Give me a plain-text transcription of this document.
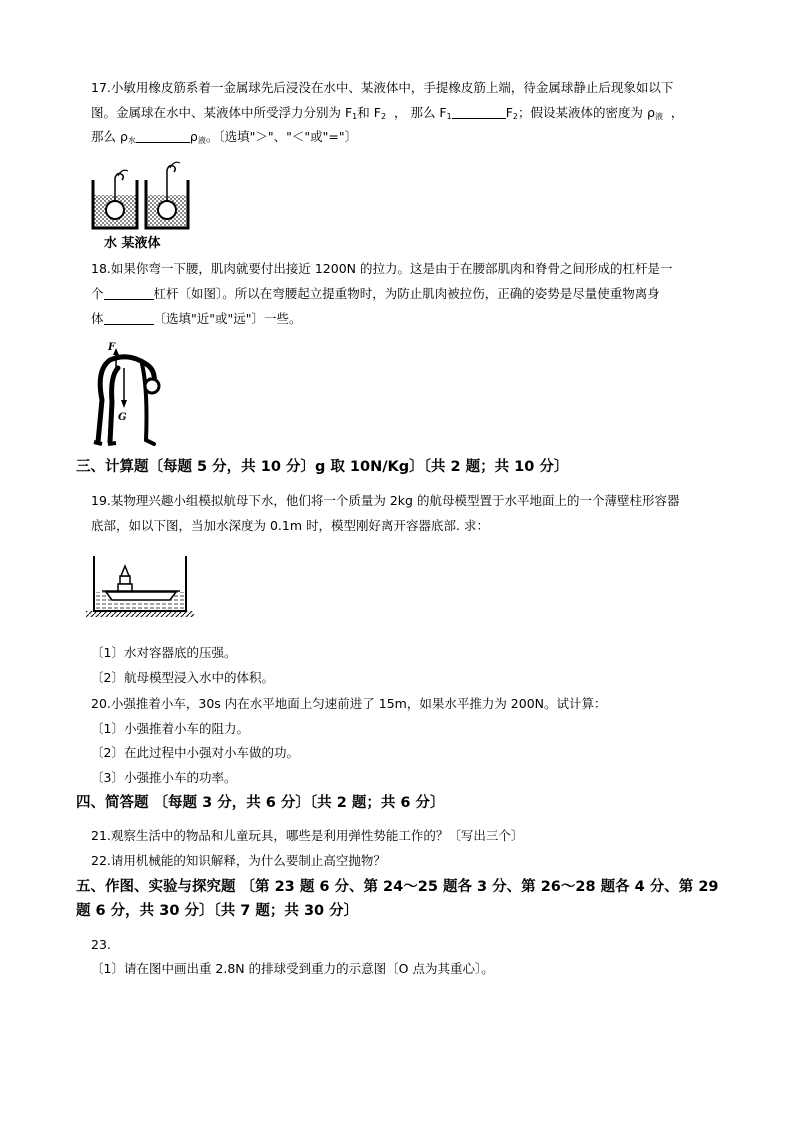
17.小敏用橡皮筋系着一金属球先后浸没在水中、某液体中，手提橡皮筋上端，待金属球静止后现象如以下
图。金属球在水中、某液体中所受浮力分别为 $F_1$和 $F_2$ ， 那么 $F_1$	$F_2$；假设某液体的密度为 $\rho_液$ ，
那么 $\rho_水$	$\rho_液$。〔选填"＞"、"＜"或"="〕
水 某液体
18.如果你弯一下腰，肌肉就要付出接近 1200N 的拉力。这是由于在腰部肌肉和脊骨之间形成的杠杆是一
个	杠杆〔如图〕。所以在弯腰起立提重物时，为防止肌肉被拉伤，正确的姿势是尽量使重物离身
体	〔选填"近"或"远"〕一些。
F
G
三、计算题〔每题 5 分，共 10 分〕g 取 10N/Kg〕〔共 2 题；共 10 分〕
19.某物理兴趣小组模拟航母下水，他们将一个质量为 2kg 的航母模型置于水平地面上的一个薄壁柱形容器
底部，如以下图，当加水深度为 0.1m 时，模型刚好离开容器底部. 求：
〔1〕水对容器底的压强。
〔2〕航母模型浸入水中的体积。
20.小强推着小车，30s 内在水平地面上匀速前进了 15m，如果水平推力为 200N。试计算：
〔1〕小强推着小车的阻力。
〔2〕在此过程中小强对小车做的功。
〔3〕小强推小车的功率。
四、简答题 〔每题 3 分，共 6 分〕〔共 2 题；共 6 分〕
21.观察生活中的物品和儿童玩具，哪些是利用弹性势能工作的？〔写出三个〕
22.请用机械能的知识解释，为什么要制止高空抛物？
五、作图、实验与探究题 〔第 23 题 6 分、第 24～25 题各 3 分、第 26～28 题各 4 分、第 29
题 6 分，共 30 分〕〔共 7 题；共 30 分〕
23.
〔1〕请在图中画出重 2.8N 的排球受到重力的示意图〔O 点为其重心〕。
